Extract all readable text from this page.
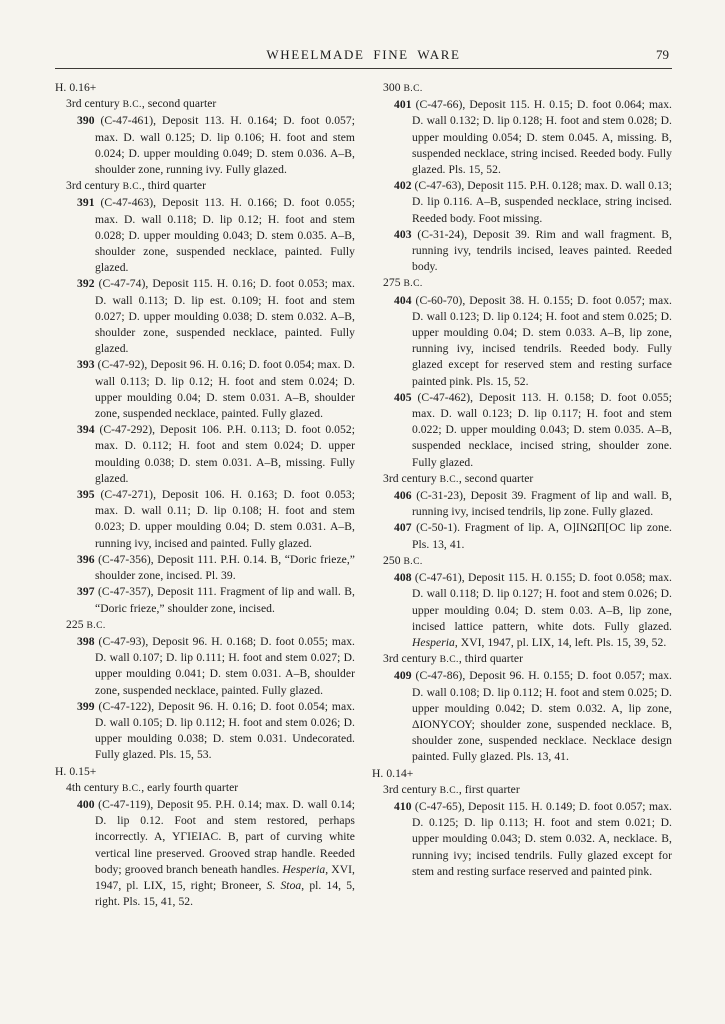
WHEELMADE FINE WARE	79

H. 0.16+

3rd century B.C., second quarter

390 (C-47-461), Deposit 113. H. 0.164; D. foot 0.057; max. D. wall 0.125; D. lip 0.106; H. foot and stem 0.024; D. upper moulding 0.049; D. stem 0.036. A–B, shoulder zone, running ivy. Fully glazed.

3rd century B.C., third quarter

391 (C-47-463), Deposit 113. H. 0.166; D. foot 0.055; max. D. wall 0.118; D. lip 0.12; H. foot and stem 0.028; D. upper moulding 0.043; D. stem 0.035. A–B, shoulder zone, suspended necklace, painted. Fully glazed.

392 (C-47-74), Deposit 115. H. 0.16; D. foot 0.053; max. D. wall 0.113; D. lip est. 0.109; H. foot and stem 0.027; D. upper moulding 0.038; D. stem 0.032. A–B, shoulder zone, suspended necklace, painted. Fully glazed.

393 (C-47-92), Deposit 96. H. 0.16; D. foot 0.054; max. D. wall 0.113; D. lip 0.12; H. foot and stem 0.024; D. upper moulding 0.04; D. stem 0.031. A–B, shoulder zone, suspended necklace, painted. Fully glazed.

394 (C-47-292), Deposit 106. P.H. 0.113; D. foot 0.052; max. D. 0.112; H. foot and stem 0.024; D. upper moulding 0.038; D. stem 0.031. A–B, missing. Fully glazed.

395 (C-47-271), Deposit 106. H. 0.163; D. foot 0.053; max. D. wall 0.11; D. lip 0.108; H. foot and stem 0.023; D. upper moulding 0.04; D. stem 0.031. A–B, running ivy, incised and painted. Fully glazed.

396 (C-47-356), Deposit 111. P.H. 0.14. B, “Doric frieze,” shoulder zone, incised. Pl. 39.

397 (C-47-357), Deposit 111. Fragment of lip and wall. B, “Doric frieze,” shoulder zone, incised.

225 B.C.

398 (C-47-93), Deposit 96. H. 0.168; D. foot 0.055; max. D. wall 0.107; D. lip 0.111; H. foot and stem 0.027; D. upper moulding 0.041; D. stem 0.031. A–B, shoulder zone, suspended necklace, painted. Fully glazed.

399 (C-47-122), Deposit 96. H. 0.16; D. foot 0.054; max. D. wall 0.105; D. lip 0.112; H. foot and stem 0.026; D. upper moulding 0.038; D. stem 0.031. Undecorated. Fully glazed. Pls. 15, 53.

H. 0.15+

4th century B.C., early fourth quarter

400 (C-47-119), Deposit 95. P.H. 0.14; max. D. wall 0.14; D. lip 0.12. Foot and stem restored, perhaps incorrectly. A, ΥΓΙΕΙΑC. B, part of curving white vertical line preserved. Grooved strap handle. Reeded body; grooved branch beneath handles. Hesperia, XVI, 1947, pl. LIX, 15, right; Broneer, S. Stoa, pl. 14, 5, right. Pls. 15, 41, 52.

300 B.C.

401 (C-47-66), Deposit 115. H. 0.15; D. foot 0.064; max. D. wall 0.132; D. lip 0.128; H. foot and stem 0.028; D. upper moulding 0.054; D. stem 0.045. A, missing. B, suspended necklace, string incised. Reeded body. Fully glazed. Pls. 15, 52.

402 (C-47-63), Deposit 115. P.H. 0.128; max. D. wall 0.13; D. lip 0.116. A–B, suspended necklace, string incised. Reeded body. Foot missing.

403 (C-31-24), Deposit 39. Rim and wall fragment. B, running ivy, tendrils incised, leaves painted. Reeded body.

275 B.C.

404 (C-60-70), Deposit 38. H. 0.155; D. foot 0.057; max. D. wall 0.123; D. lip 0.124; H. foot and stem 0.025; D. upper moulding 0.04; D. stem 0.033. A–B, lip zone, running ivy, incised tendrils. Reeded body. Fully glazed except for reserved stem and resting surface painted pink. Pls. 15, 52.

405 (C-47-462), Deposit 113. H. 0.158; D. foot 0.055; max. D. wall 0.123; D. lip 0.117; H. foot and stem 0.022; D. upper moulding 0.043; D. stem 0.035. A–B, suspended necklace, incised string, shoulder zone. Fully glazed.

3rd century B.C., second quarter

406 (C-31-23), Deposit 39. Fragment of lip and wall. B, running ivy, incised tendrils, lip zone. Fully glazed.

407 (C-50-1). Fragment of lip. A, Ο]ΙΝΩΠ[ΟC lip zone. Pls. 13, 41.

250 B.C.

408 (C-47-61), Deposit 115. H. 0.155; D. foot 0.058; max. D. wall 0.118; D. lip 0.127; H. foot and stem 0.026; D. upper moulding 0.04; D. stem 0.03. A–B, lip zone, incised lattice pattern, white dots. Fully glazed. Hesperia, XVI, 1947, pl. LIX, 14, left. Pls. 15, 39, 52.

3rd century B.C., third quarter

409 (C-47-86), Deposit 96. H. 0.155; D. foot 0.057; max. D. wall 0.108; D. lip 0.112; H. foot and stem 0.025; D. upper moulding 0.042; D. stem 0.032. A, lip zone, ΔΙΟΝΥCΟΥ; shoulder zone, suspended necklace. B, shoulder zone, suspended necklace. Necklace design painted. Fully glazed. Pls. 13, 41.

H. 0.14+

3rd century B.C., first quarter

410 (C-47-65), Deposit 115. H. 0.149; D. foot 0.057; max. D. 0.125; D. lip 0.113; H. foot and stem 0.021; D. upper moulding 0.043; D. stem 0.032. A, necklace. B, running ivy; incised tendrils. Fully glazed except for stem and resting surface reserved and painted pink.
